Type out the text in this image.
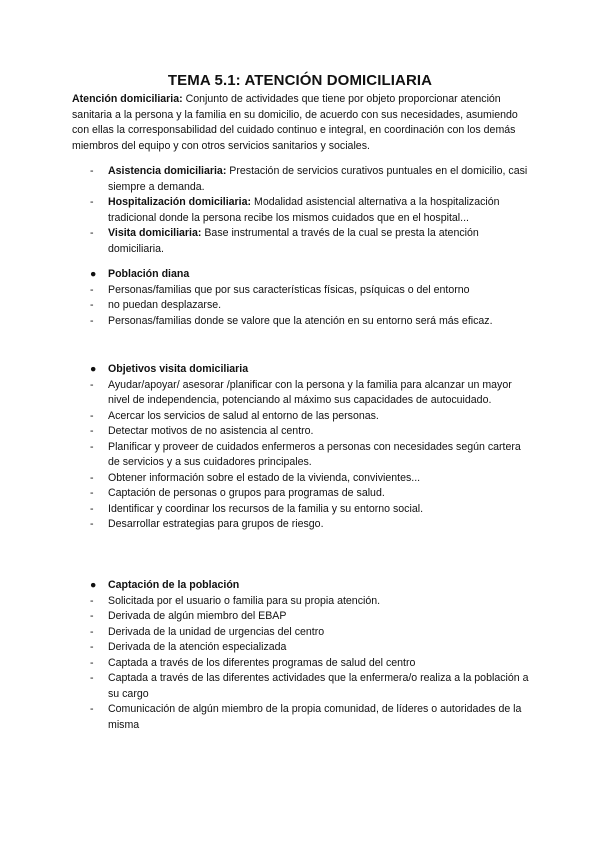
TEMA 5.1: ATENCIÓN DOMICILIARIA
Atención domiciliaria: Conjunto de actividades que tiene por objeto proporcionar atención sanitaria a la persona y la familia en su domicilio, de acuerdo con sus necesidades, asumiendo con ellas la corresponsabilidad del cuidado continuo e integral, en coordinación con los demás miembros del equipo y con otros servicios sanitarios y sociales.
-	Asistencia domiciliaria: Prestación de servicios curativos puntuales en el domicilio, casi siempre a demanda.
-	Hospitalización domiciliaria: Modalidad asistencial alternativa a la hospitalización tradicional donde la persona recibe los mismos cuidados que en el hospital...
-	Visita domiciliaria: Base instrumental a través de la cual se presta la atención domiciliaria.
● Población diana
-	Personas/familias que por sus características físicas, psíquicas o del entorno
-	no puedan desplazarse.
-	Personas/familias donde se valore que la atención en su entorno será más eficaz.
● Objetivos visita domiciliaria
-	Ayudar/apoyar/ asesorar /planificar con la persona y la familia para alcanzar un mayor nivel de independencia, potenciando al máximo sus capacidades de autocuidado.
-	Acercar los servicios de salud al entorno de las personas.
-	Detectar motivos de no asistencia al centro.
-	Planificar y proveer de cuidados enfermeros a personas con necesidades según cartera de servicios y a sus cuidadores principales.
-	Obtener información sobre el estado de la vivienda, convivientes...
-	Captación de personas o grupos para programas de salud.
-	Identificar y coordinar los recursos de la familia y su entorno social.
-	Desarrollar estrategias para grupos de riesgo.
● Captación de la población
-	Solicitada por el usuario o familia para su propia atención.
-	Derivada de algún miembro del EBAP
-	Derivada de la unidad de urgencias del centro
-	Derivada de la atención especializada
-	Captada a través de los diferentes programas de salud del centro
-	Captada a través de las diferentes actividades que la enfermera/o realiza a la población a su cargo
-	Comunicación de algún miembro de la propia comunidad, de líderes o autoridades de la misma
